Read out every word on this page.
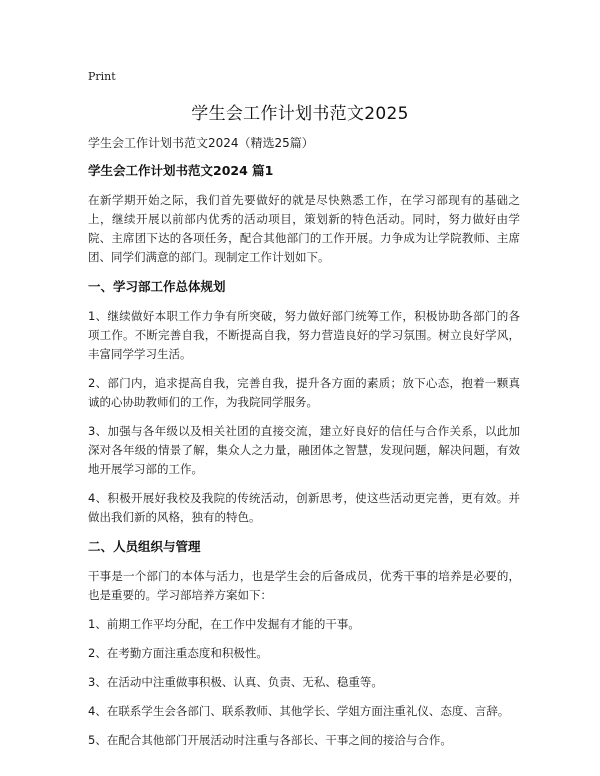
Print
学生会工作计划书范文2025

学生会工作计划书范文2024（精选25篇）

学生会工作计划书范文2024 篇1

在新学期开始之际，我们首先要做好的就是尽快熟悉工作，在学习部现有的基础之上，继续开展以前部内优秀的活动项目，策划新的特色活动。同时，努力做好由学院、主席团下达的各项任务，配合其他部门的工作开展。力争成为让学院教师、主席团、同学们满意的部门。现制定工作计划如下。

一、学习部工作总体规划

1、继续做好本职工作力争有所突破，努力做好部门统筹工作，积极协助各部门的各项工作。不断完善自我，不断提高自我，努力营造良好的学习氛围。树立良好学风，丰富同学学习生活。

2、部门内，追求提高自我，完善自我，提升各方面的素质；放下心态，抱着一颗真诚的心协助教师们的工作，为我院同学服务。

3、加强与各年级以及相关社团的直接交流，建立好良好的信任与合作关系，以此加深对各年级的情景了解，集众人之力量，融团体之智慧，发现问题，解决问题，有效地开展学习部的工作。

4、积极开展好我校及我院的传统活动，创新思考，使这些活动更完善，更有效。并做出我们新的风格，独有的特色。

二、人员组织与管理

干事是一个部门的本体与活力，也是学生会的后备成员，优秀干事的培养是必要的，也是重要的。学习部培养方案如下：

1、前期工作平均分配，在工作中发掘有才能的干事。

2、在考勤方面注重态度和积极性。

3、在活动中注重做事积极、认真、负责、无私、稳重等。

4、在联系学生会各部门、联系教师、其他学长、学姐方面注重礼仪、态度、言辞。

5、在配合其他部门开展活动时注重与各部长、干事之间的接洽与合作。
